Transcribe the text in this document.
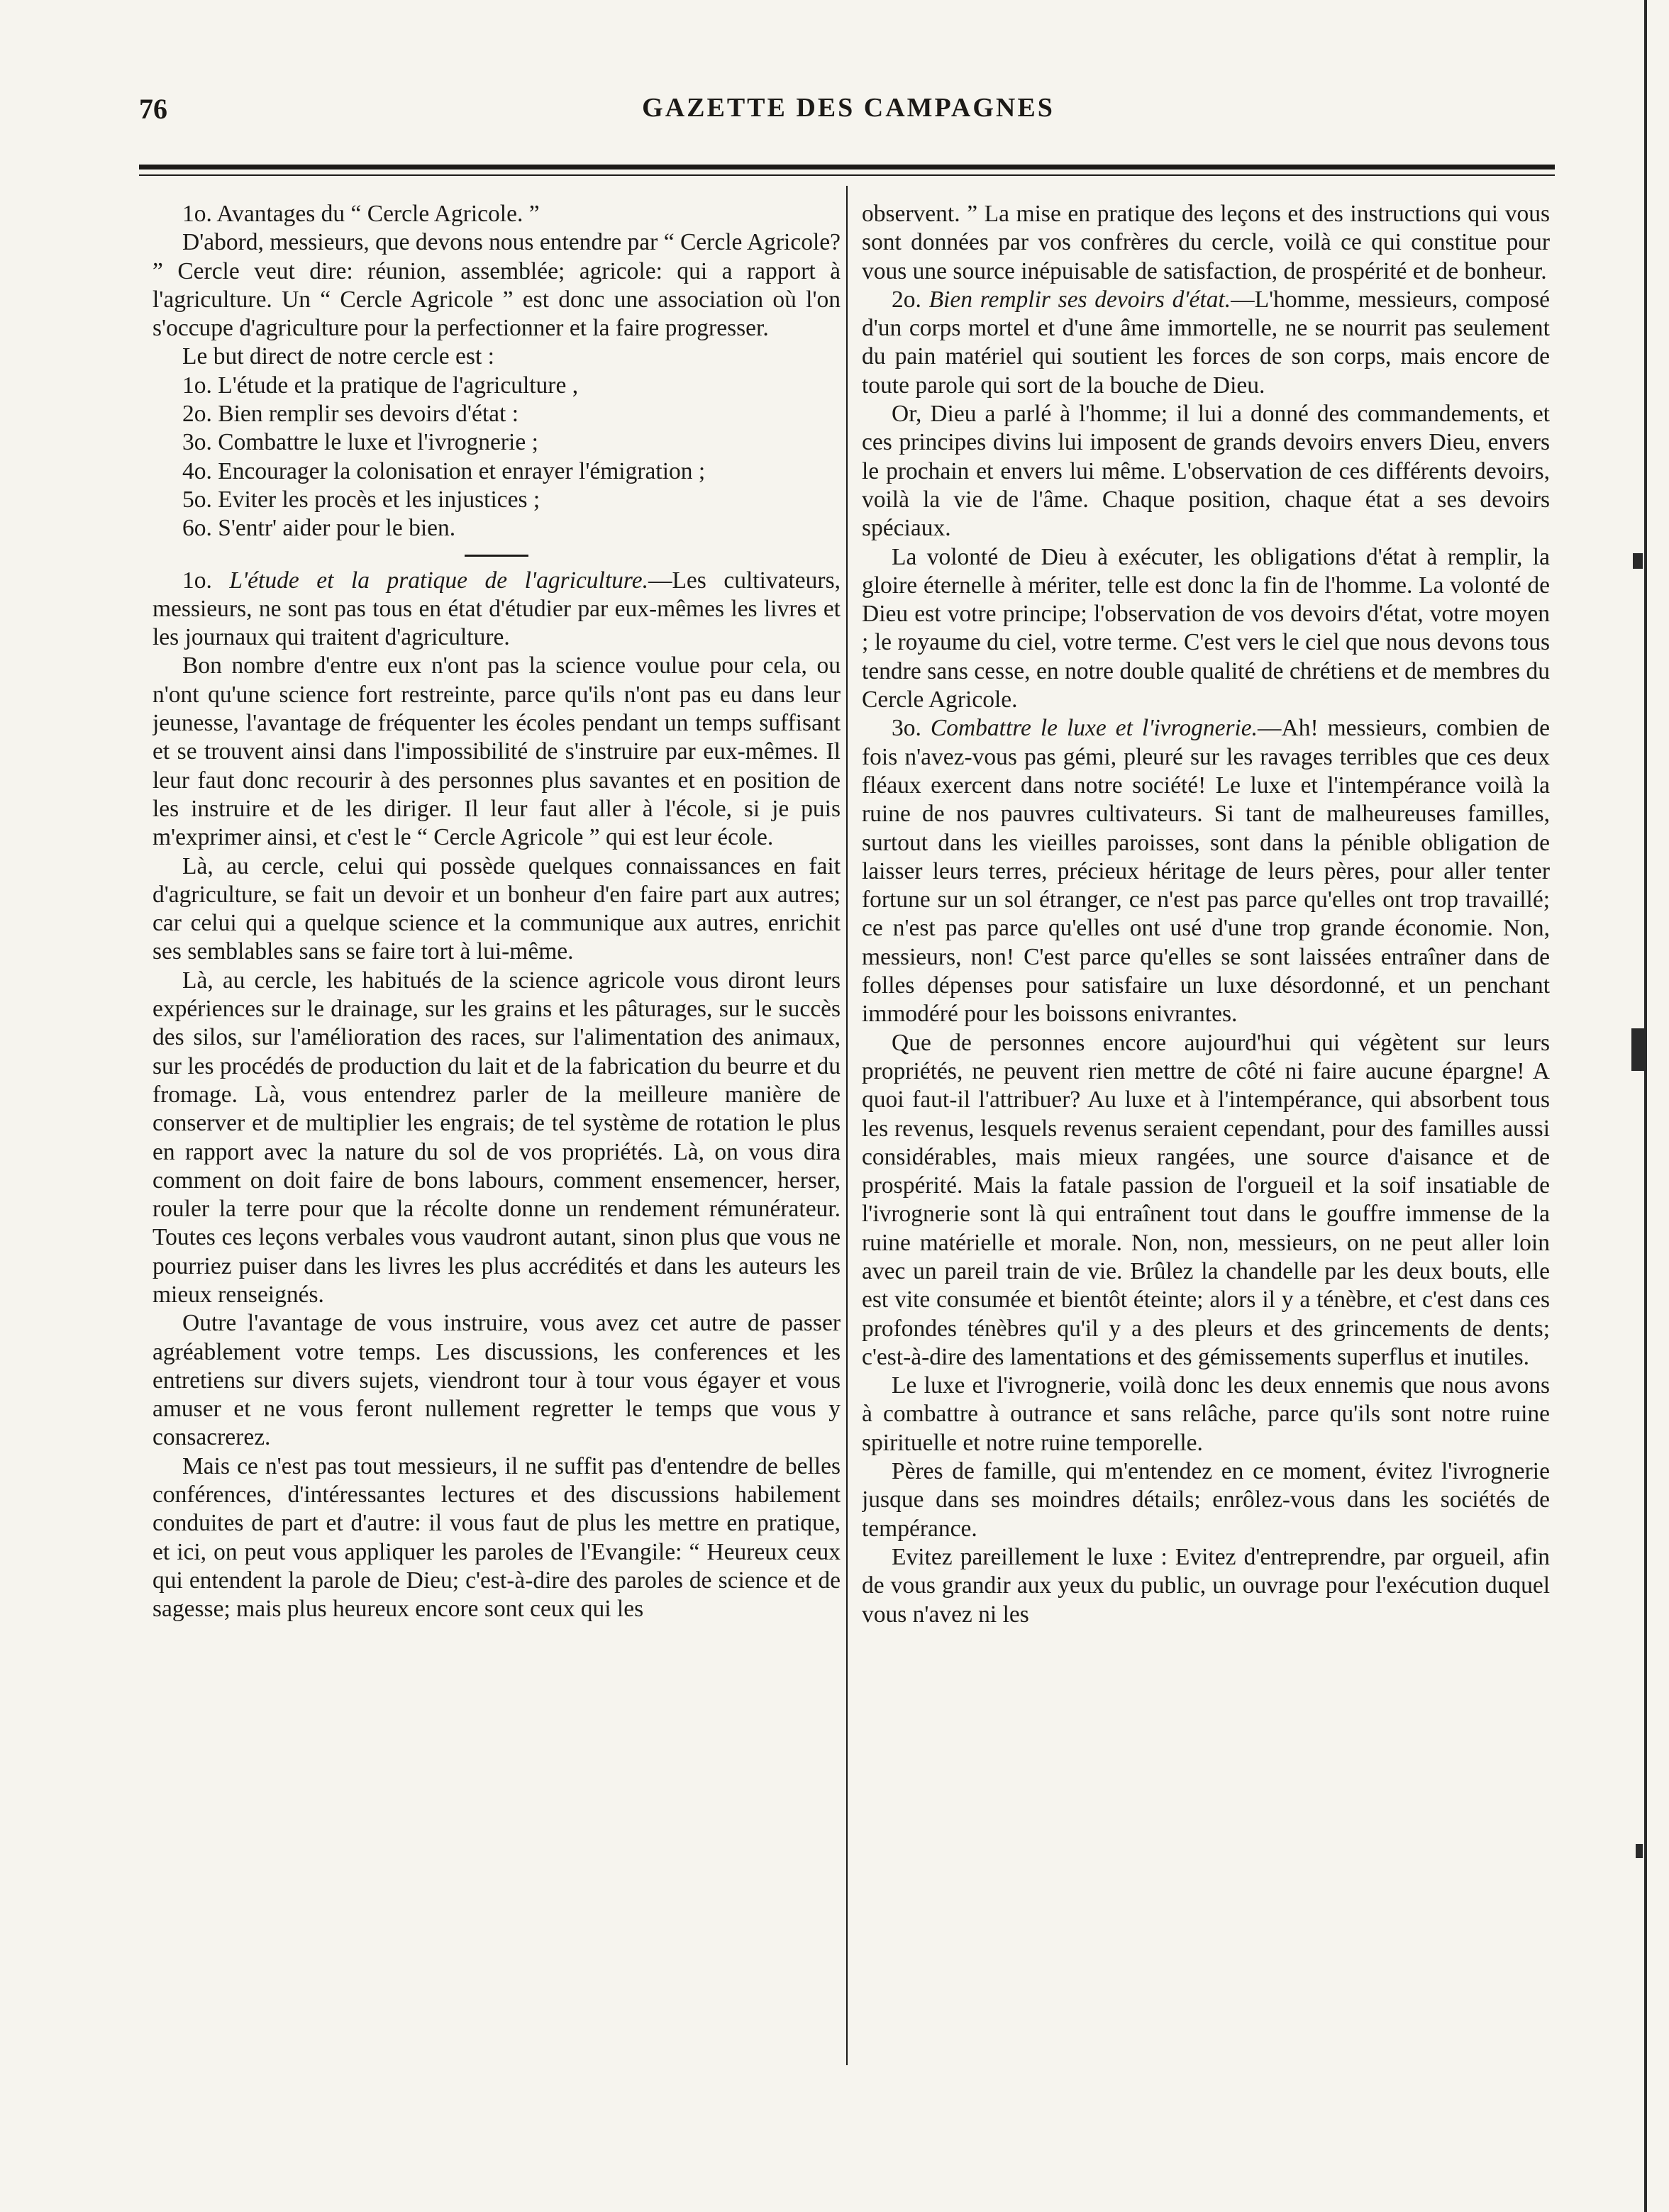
76	GAZETTE DES CAMPAGNES

1o. Avantages du “ Cercle Agricole. ”

D'abord, messieurs, que devons nous entendre par “ Cercle Agricole? ” Cercle veut dire: réunion, assemblée; agricole: qui a rapport à l'agriculture. Un “ Cercle Agricole ” est donc une association où l'on s'occupe d'agriculture pour la perfectionner et la faire progresser.

Le but direct de notre cercle est :

1o. L'étude et la pratique de l'agriculture ,

2o. Bien remplir ses devoirs d'état :

3o. Combattre le luxe et l'ivrognerie ;

4o. Encourager la colonisation et enrayer l'émigration ;

5o. Eviter les procès et les injustices ;

6o. S'entr' aider pour le bien.

1o. L'étude et la pratique de l'agriculture.—Les cultivateurs, messieurs, ne sont pas tous en état d'étudier par eux-mêmes les livres et les journaux qui traitent d'agriculture.

Bon nombre d'entre eux n'ont pas la science voulue pour cela, ou n'ont qu'une science fort restreinte, parce qu'ils n'ont pas eu dans leur jeunesse, l'avantage de fréquenter les écoles pendant un temps suffisant et se trouvent ainsi dans l'impossibilité de s'instruire par eux-mêmes. Il leur faut donc recourir à des personnes plus savantes et en position de les instruire et de les diriger. Il leur faut aller à l'école, si je puis m'exprimer ainsi, et c'est le “ Cercle Agricole ” qui est leur école.

Là, au cercle, celui qui possède quelques connaissances en fait d'agriculture, se fait un devoir et un bonheur d'en faire part aux autres; car celui qui a quelque science et la communique aux autres, enrichit ses semblables sans se faire tort à lui-même.

Là, au cercle, les habitués de la science agricole vous diront leurs expériences sur le drainage, sur les grains et les pâturages, sur le succès des silos, sur l'amélioration des races, sur l'alimentation des animaux, sur les procédés de production du lait et de la fabrication du beurre et du fromage. Là, vous entendrez parler de la meilleure manière de conserver et de multiplier les engrais; de tel système de rotation le plus en rapport avec la nature du sol de vos propriétés. Là, on vous dira comment on doit faire de bons labours, comment ensemencer, herser, rouler la terre pour que la récolte donne un rendement rémunérateur. Toutes ces leçons verbales vous vaudront autant, sinon plus que vous ne pourriez puiser dans les livres les plus accrédités et dans les auteurs les mieux renseignés.

Outre l'avantage de vous instruire, vous avez cet autre de passer agréablement votre temps. Les discussions, les conferences et les entretiens sur divers sujets, viendront tour à tour vous égayer et vous amuser et ne vous feront nullement regretter le temps que vous y consacrerez.

Mais ce n'est pas tout messieurs, il ne suffit pas d'entendre de belles conférences, d'intéressantes lectures et des discussions habilement conduites de part et d'autre: il vous faut de plus les mettre en pratique, et ici, on peut vous appliquer les paroles de l'Evangile: “ Heureux ceux qui entendent la parole de Dieu; c'est-à-dire des paroles de science et de sagesse; mais plus heureux encore sont ceux qui les

observent. ” La mise en pratique des leçons et des instructions qui vous sont données par vos confrères du cercle, voilà ce qui constitue pour vous une source inépuisable de satisfaction, de prospérité et de bonheur.

2o. Bien remplir ses devoirs d'état.—L'homme, messieurs, composé d'un corps mortel et d'une âme immortelle, ne se nourrit pas seulement du pain matériel qui soutient les forces de son corps, mais encore de toute parole qui sort de la bouche de Dieu.

Or, Dieu a parlé à l'homme; il lui a donné des commandements, et ces principes divins lui imposent de grands devoirs envers Dieu, envers le prochain et envers lui même. L'observation de ces différents devoirs, voilà la vie de l'âme. Chaque position, chaque état a ses devoirs spéciaux.

La volonté de Dieu à exécuter, les obligations d'état à remplir, la gloire éternelle à mériter, telle est donc la fin de l'homme. La volonté de Dieu est votre principe; l'observation de vos devoirs d'état, votre moyen ; le royaume du ciel, votre terme. C'est vers le ciel que nous devons tous tendre sans cesse, en notre double qualité de chrétiens et de membres du Cercle Agricole.

3o. Combattre le luxe et l'ivrognerie.—Ah! messieurs, combien de fois n'avez-vous pas gémi, pleuré sur les ravages terribles que ces deux fléaux exercent dans notre société! Le luxe et l'intempérance voilà la ruine de nos pauvres cultivateurs. Si tant de malheureuses familles, surtout dans les vieilles paroisses, sont dans la pénible obligation de laisser leurs terres, précieux héritage de leurs pères, pour aller tenter fortune sur un sol étranger, ce n'est pas parce qu'elles ont trop travaillé; ce n'est pas parce qu'elles ont usé d'une trop grande économie. Non, messieurs, non! C'est parce qu'elles se sont laissées entraîner dans de folles dépenses pour satisfaire un luxe désordonné, et un penchant immodéré pour les boissons enivrantes.

Que de personnes encore aujourd'hui qui végètent sur leurs propriétés, ne peuvent rien mettre de côté ni faire aucune épargne! A quoi faut-il l'attribuer? Au luxe et à l'intempérance, qui absorbent tous les revenus, lesquels revenus seraient cependant, pour des familles aussi considérables, mais mieux rangées, une source d'aisance et de prospérité. Mais la fatale passion de l'orgueil et la soif insatiable de l'ivrognerie sont là qui entraînent tout dans le gouffre immense de la ruine matérielle et morale. Non, non, messieurs, on ne peut aller loin avec un pareil train de vie. Brûlez la chandelle par les deux bouts, elle est vite consumée et bientôt éteinte; alors il y a ténèbre, et c'est dans ces profondes ténèbres qu'il y a des pleurs et des grincements de dents; c'est-à-dire des lamentations et des gémissements superflus et inutiles.

Le luxe et l'ivrognerie, voilà donc les deux ennemis que nous avons à combattre à outrance et sans relâche, parce qu'ils sont notre ruine spirituelle et notre ruine temporelle.

Pères de famille, qui m'entendez en ce moment, évitez l'ivrognerie jusque dans ses moindres détails; enrôlez-vous dans les sociétés de tempérance.

Evitez pareillement le luxe : Evitez d'entreprendre, par orgueil, afin de vous grandir aux yeux du public, un ouvrage pour l'exécution duquel vous n'avez ni les
